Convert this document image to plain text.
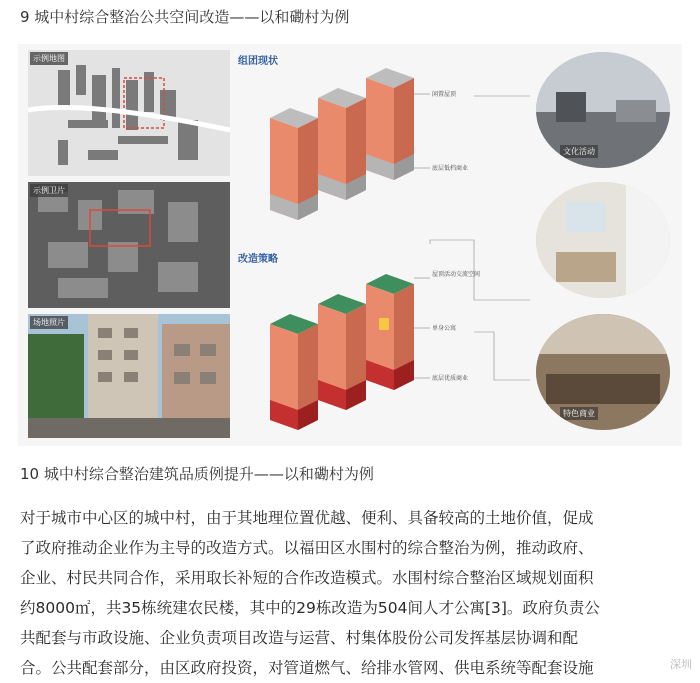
9 城中村综合整治公共空间改造——以和磡村为例
示例地图
示例卫片
场地照片
组团现状
闲置屋顶
底层低档商业
改造策略
屋顶活动交流空间
单身公寓
底层优质商业
文化活动
特色商业
10 城中村综合整治建筑品质例提升——以和磡村为例
对于城市中心区的城中村，由于其地理位置优越、便利、具备较高的土地价值，促成
了政府推动企业作为主导的改造方式。以福田区水围村的综合整治为例，推动政府、
企业、村民共同合作，采用取长补短的合作改造模式。水围村综合整治区域规划面积
约8000㎡，共35栋统建农民楼，其中的29栋改造为504间人才公寓[3]。政府负责公
共配套与市政设施、企业负责项目改造与运营、村集体股份公司发挥基层协调和配
合。公共配套部分，由区政府投资，对管道燃气、给排水管网、供电系统等配套设施	深圳
